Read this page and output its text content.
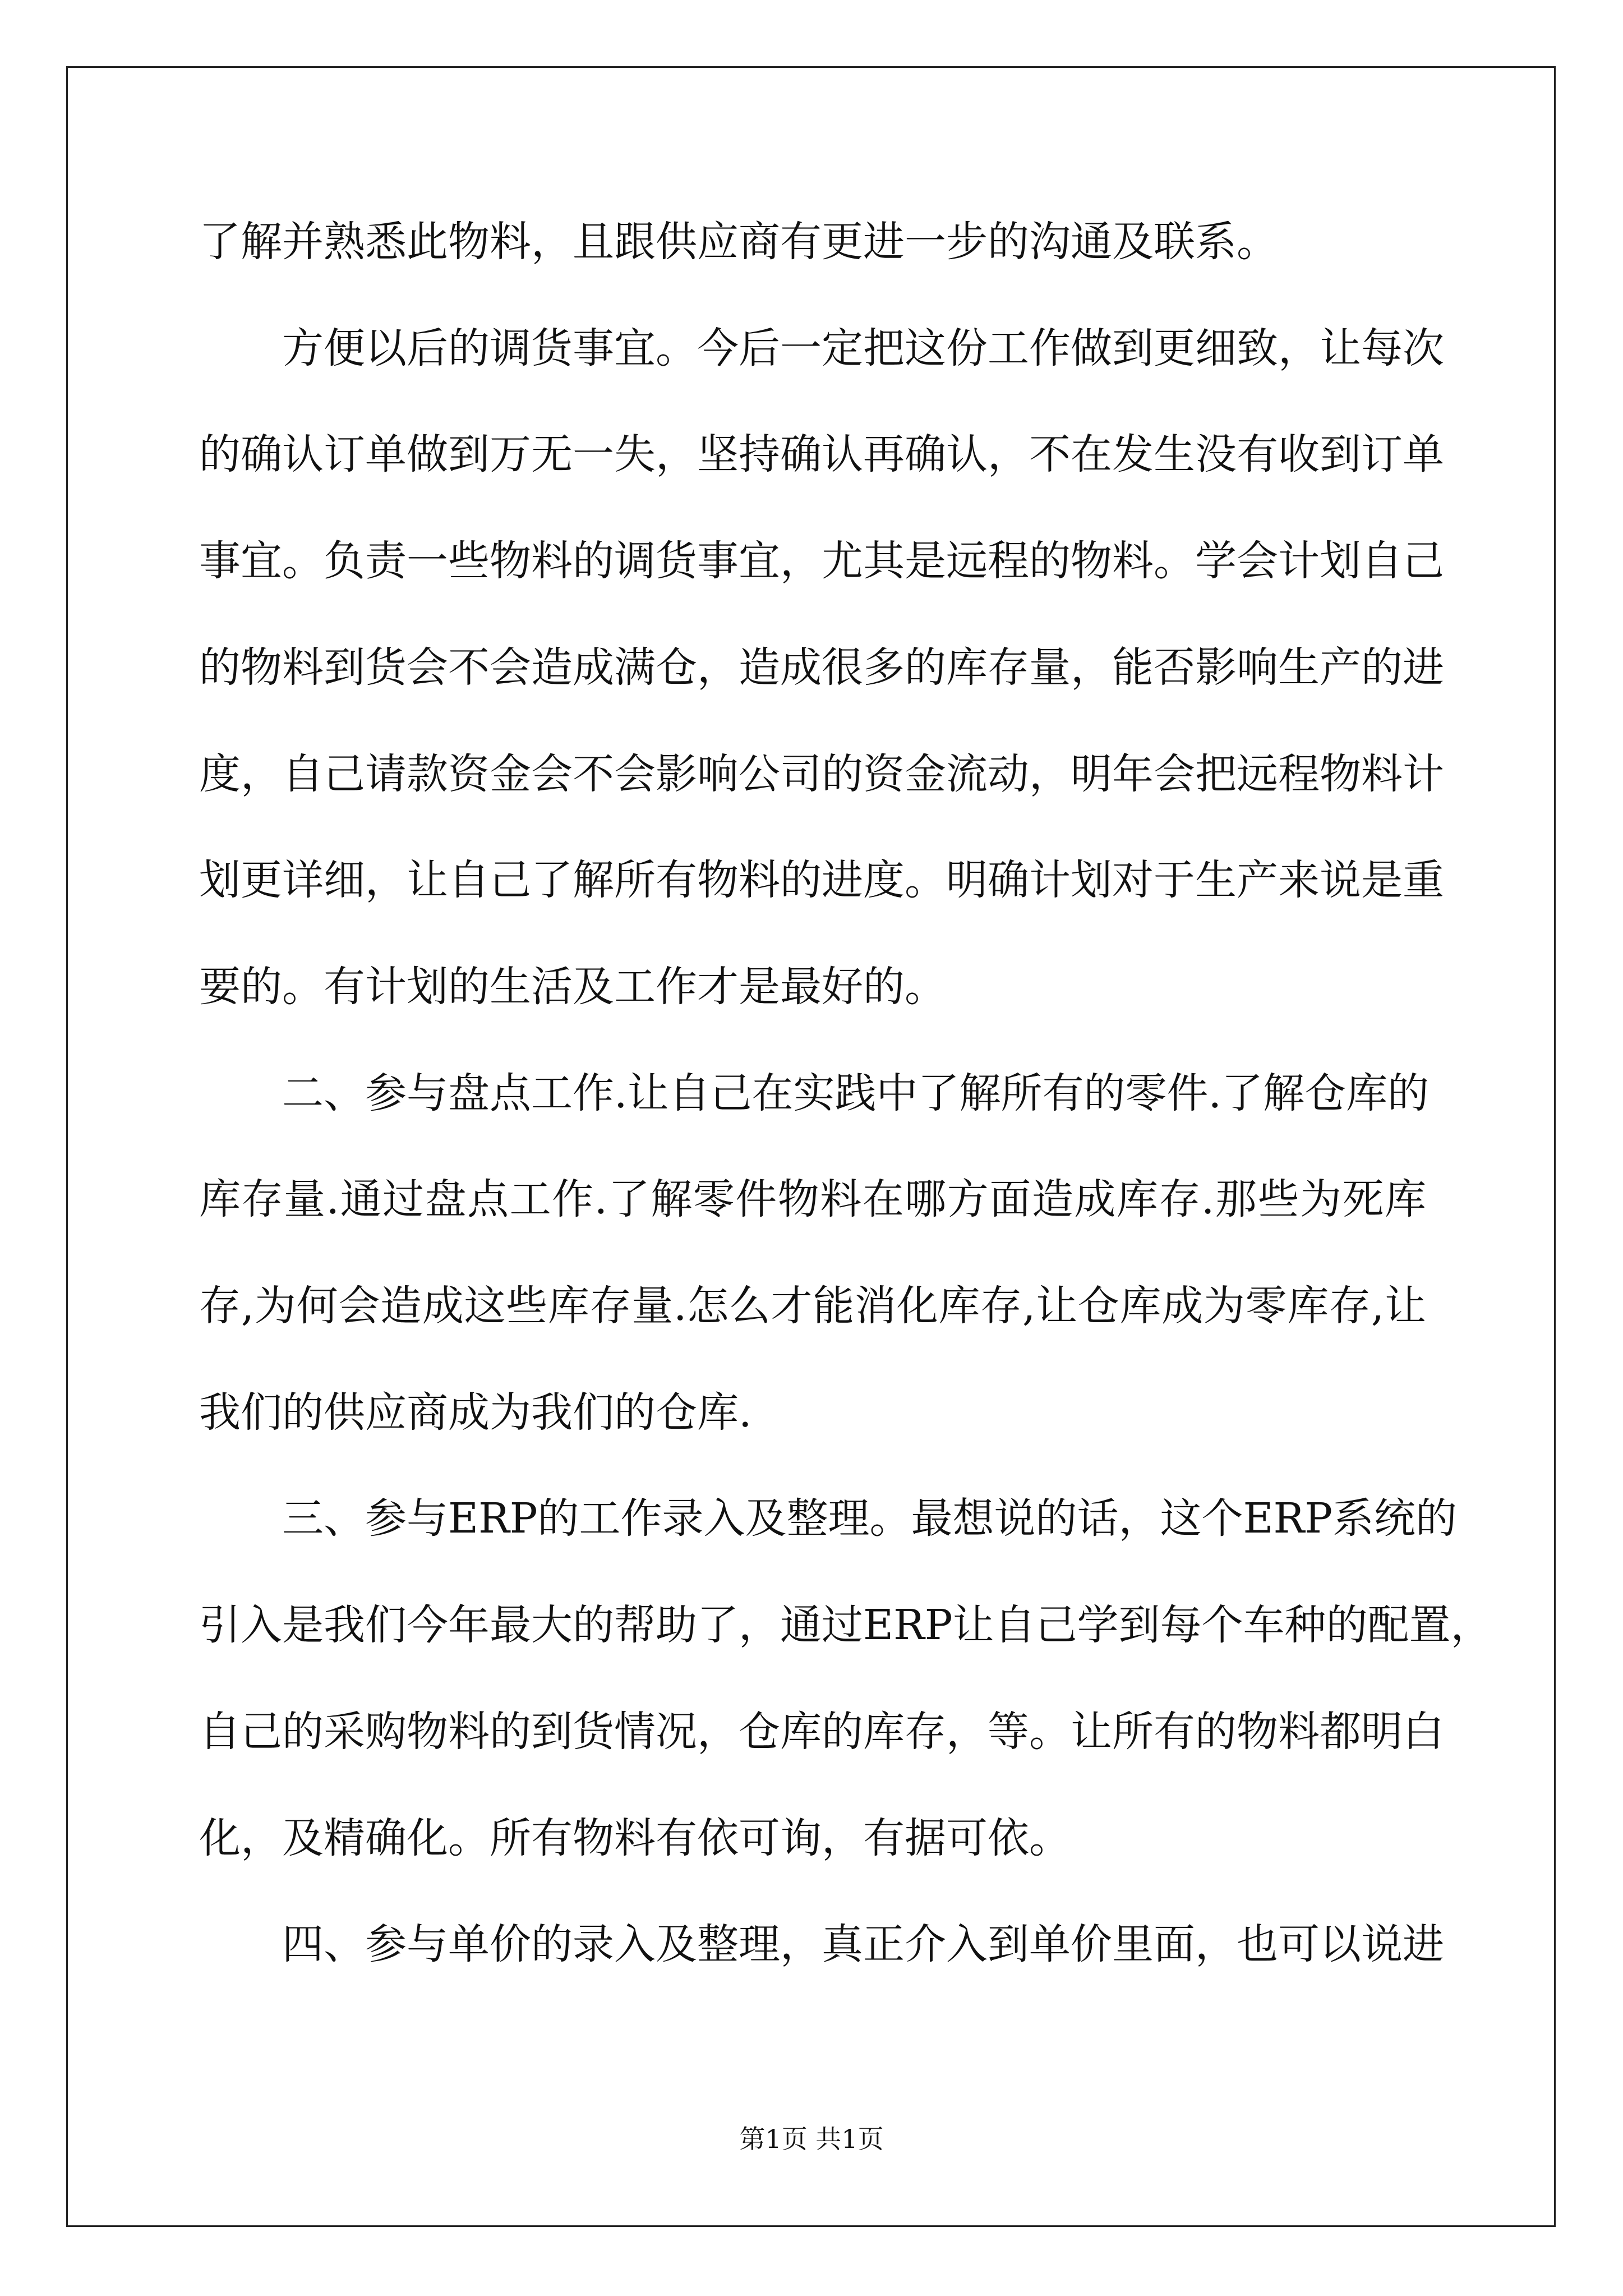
了解并熟悉此物料，且跟供应商有更进一步的沟通及联系。
方便以后的调货事宜。今后一定把这份工作做到更细致，让每次
的确认订单做到万无一失，坚持确认再确认，不在发生没有收到订单
事宜。负责一些物料的调货事宜，尤其是远程的物料。学会计划自己
的物料到货会不会造成满仓，造成很多的库存量，能否影响生产的进
度，自己请款资金会不会影响公司的资金流动，明年会把远程物料计
划更详细，让自己了解所有物料的进度。明确计划对于生产来说是重
要的。有计划的生活及工作才是最好的。
二、参与盘点工作.让自己在实践中了解所有的零件.了解仓库的
库存量.通过盘点工作.了解零件物料在哪方面造成库存.那些为死库
存,为何会造成这些库存量.怎么才能消化库存,让仓库成为零库存,让
我们的供应商成为我们的仓库.
三、参与ERP的工作录入及整理。最想说的话，这个ERP系统的
引入是我们今年最大的帮助了，通过ERP让自己学到每个车种的配置，
自己的采购物料的到货情况，仓库的库存，等。让所有的物料都明白
化，及精确化。所有物料有依可询，有据可依。
四、参与单价的录入及整理，真正介入到单价里面，也可以说进
第1页 共1页
